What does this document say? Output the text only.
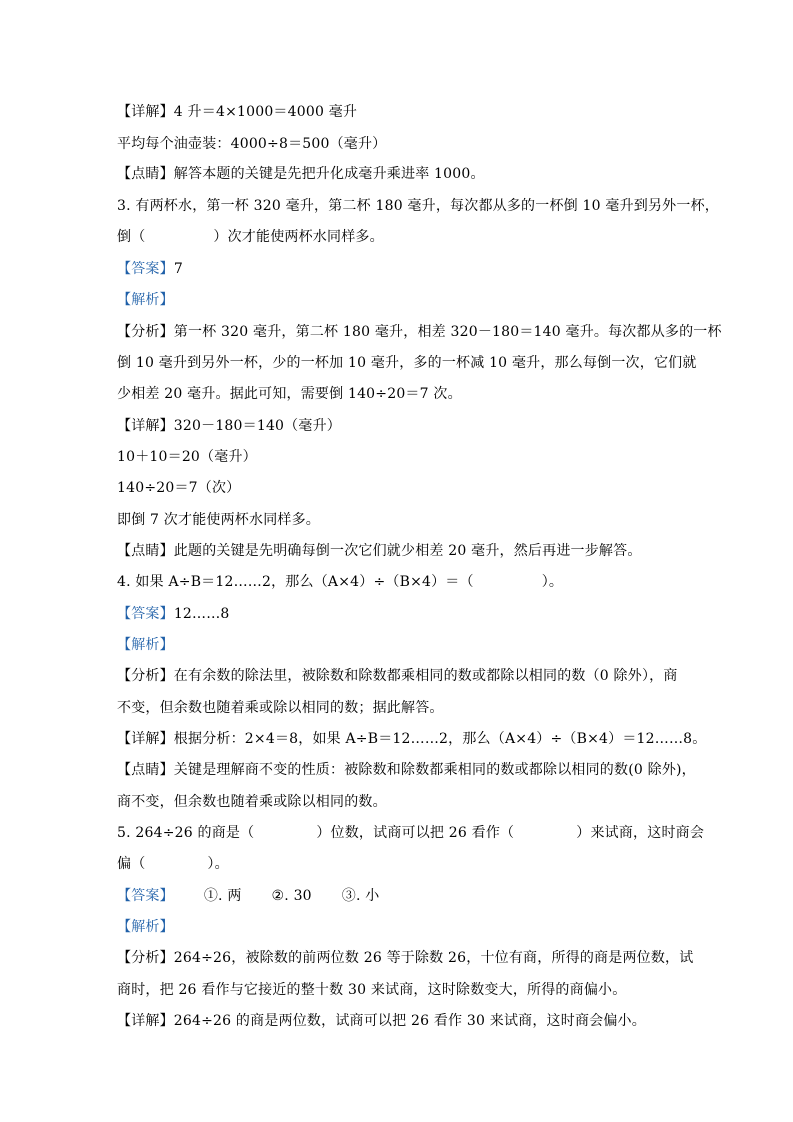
【详解】4 升＝4×1000＝4000 毫升
平均每个油壶装：4000÷8＝500（毫升）
【点睛】解答本题的关键是先把升化成毫升乘进率 1000。
3. 有两杯水，第一杯 320 毫升，第二杯 180 毫升，每次都从多的一杯倒 10 毫升到另外一杯，
倒（	）次才能使两杯水同样多。
【答案】7
【解析】
【分析】第一杯 320 毫升，第二杯 180 毫升，相差 320－180＝140 毫升。每次都从多的一杯
倒 10 毫升到另外一杯，少的一杯加 10 毫升，多的一杯减 10 毫升，那么每倒一次，它们就
少相差 20 毫升。据此可知，需要倒 140÷20＝7 次。
【详解】320－180＝140（毫升）
10＋10＝20（毫升）
140÷20＝7（次）
即倒 7 次才能使两杯水同样多。
【点睛】此题的关键是先明确每倒一次它们就少相差 20 毫升，然后再进一步解答。
4. 如果 A÷B＝12……2，那么（A×4）÷（B×4）＝（	）。
【答案】12……8
【解析】
【分析】在有余数的除法里，被除数和除数都乘相同的数或都除以相同的数（0 除外），商
不变，但余数也随着乘或除以相同的数；据此解答。
【详解】根据分析：2×4＝8，如果 A÷B＝12……2，那么（A×4）÷（B×4）＝12……8。
【点睛】关键是理解商不变的性质：被除数和除数都乘相同的数或都除以相同的数(0 除外)，
商不变，但余数也随着乘或除以相同的数。
5. 264÷26 的商是（	）位数，试商可以把 26 看作（	）来试商，这时商会
偏（	）。
【答案】 ①. 两 ②. 30 ③. 小
【解析】
【分析】264÷26，被除数的前两位数 26 等于除数 26，十位有商，所得的商是两位数，试
商时，把 26 看作与它接近的整十数 30 来试商，这时除数变大，所得的商偏小。
【详解】264÷26 的商是两位数，试商可以把 26 看作 30 来试商，这时商会偏小。
